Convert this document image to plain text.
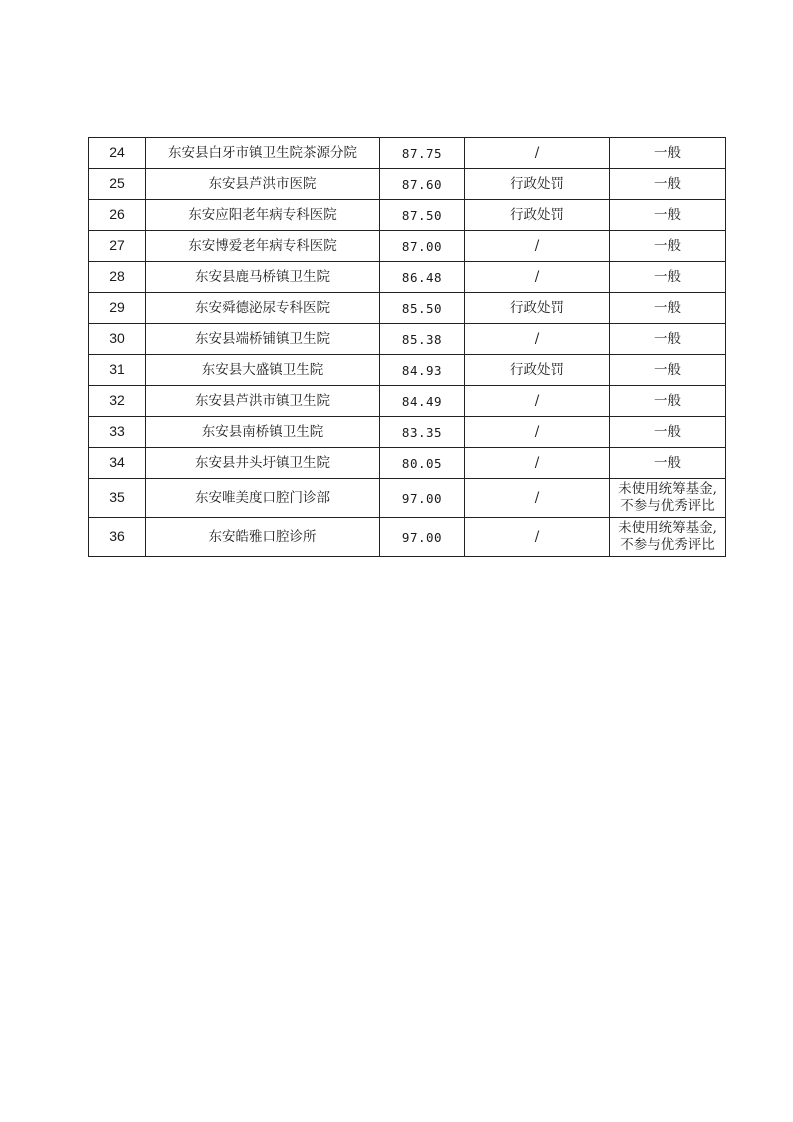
24	东安县白牙市镇卫生院茶源分院	87.75	/	一般

25	东安县芦洪市医院	87.60	行政处罚	一般

26	东安应阳老年病专科医院	87.50	行政处罚	一般

27	东安博爱老年病专科医院	87.00	/	一般

28	东安县鹿马桥镇卫生院	86.48	/	一般

29	东安舜德泌尿专科医院	85.50	行政处罚	一般

30	东安县端桥铺镇卫生院	85.38	/	一般

31	东安县大盛镇卫生院	84.93	行政处罚	一般

32	东安县芦洪市镇卫生院	84.49	/	一般

33	东安县南桥镇卫生院	83.35	/	一般

34	东安县井头圩镇卫生院	80.05	/	一般

35	东安唯美度口腔门诊部	97.00	/	未使用统筹基金,
不参与优秀评比

36	东安皓雅口腔诊所	97.00	/	未使用统筹基金,
不参与优秀评比
